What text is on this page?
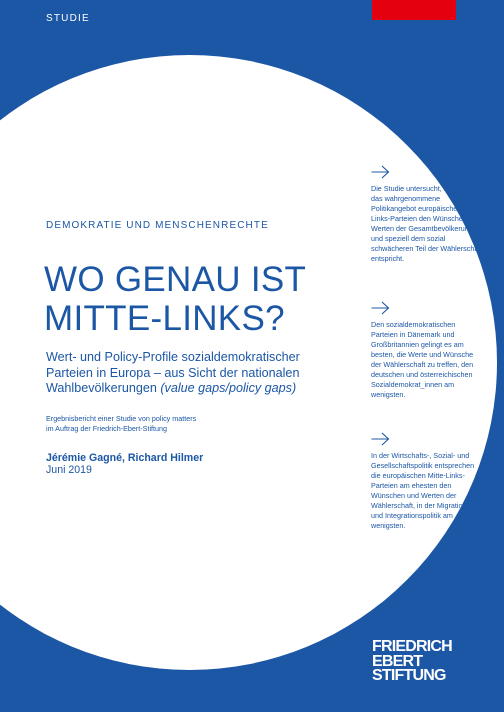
STUDIE
DEMOKRATIE UND MENSCHENRECHTE
WO GENAU IST
MITTE-LINKS?
Wert- und Policy-Profile sozialdemokratischer Parteien in Europa – aus Sicht der nationalen Wahlbevölkerungen (value gaps/policy gaps)
Ergebnisbericht einer Studie von policy matters
im Auftrag der Friedrich-Ebert-Stiftung
Jérémie Gagné, Richard Hilmer
Juni 2019
Die Studie untersucht, inwieweit das wahrgenommene Politikangebot europäischer Mitte-Links-Parteien den Wünschen und Werten der Gesamtbevölkerung und speziell dem sozial schwächeren Teil der Wählerschaft entspricht.
Den sozialdemokratischen Parteien in Dänemark und Großbritannien gelingt es am besten, die Werte und Wünsche der Wählerschaft zu treffen, den deutschen und österreichischen Sozialdemokrat_innen am wenigsten.
In der Wirtschafts-, Sozial- und Gesellschaftspolitik entsprechen die europäischen Mitte-Links-Parteien am ehesten den Wünschen und Werten der Wählerschaft, in der Migrations- und Integrationspolitik am wenigsten.
FRIEDRICH
EBERT
STIFTUNG
